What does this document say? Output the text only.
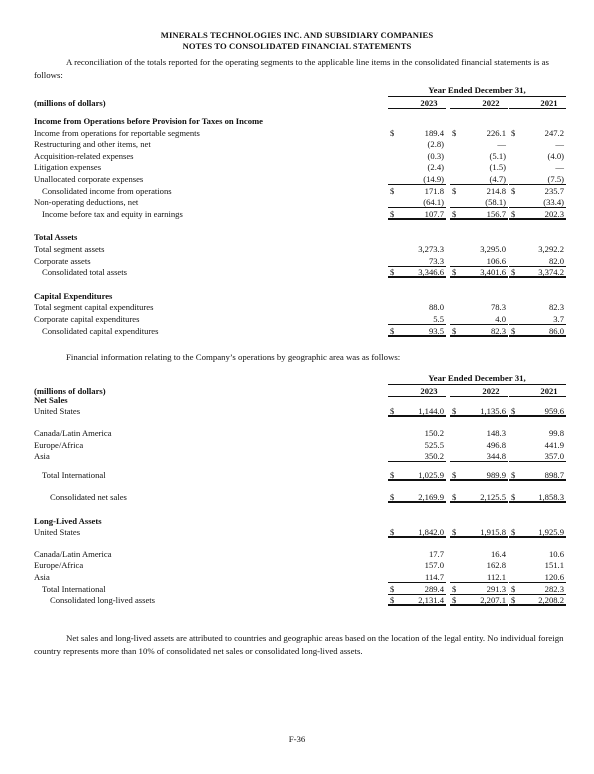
MINERALS TECHNOLOGIES INC. AND SUBSIDIARY COMPANIES
NOTES TO CONSOLIDATED FINANCIAL STATEMENTS
A reconciliation of the totals reported for the operating segments to the applicable line items in the consolidated financial statements is as follows:
Year Ended December 31,
(millions of dollars)	2023	2022	2021
Income from Operations before Provision for Taxes on Income
Income from operations for reportable segments	$	189.4 $	226.1 $	247.2
Restructuring and other items, net	(2.8)	—	—
Acquisition-related expenses	(0.3)	(5.1)	(4.0)
Litigation expenses	(2.4)	(1.5)	—
Unallocated corporate expenses	(14.9)	(4.7)	(7.5)
Consolidated income from operations	$	171.8 $	214.8 $	235.7
Non-operating deductions, net	(64.1)	(58.1)	(33.4)
Income before tax and equity in earnings	$	107.7 $	156.7 $	202.3
Total Assets
Total segment assets	3,273.3	3,295.0	3,292.2
Corporate assets	73.3	106.6	82.0
Consolidated total assets	$	3,346.6 $	3,401.6 $	3,374.2
Capital Expenditures
Total segment capital expenditures	88.0	78.3	82.3
Corporate capital expenditures	5.5	4.0	3.7
Consolidated capital expenditures	$	93.5 $	82.3 $	86.0
Financial information relating to the Company’s operations by geographic area was as follows:
Year Ended December 31,
(millions of dollars)	2023	2022	2021
Net Sales
United States	$	1,144.0 $	1,135.6 $	959.6
Canada/Latin America	150.2	148.3	99.8
Europe/Africa	525.5	496.8	441.9
Asia	350.2	344.8	357.0
Total International	$	1,025.9 $	989.9 $	898.7
Consolidated net sales	$	2,169.9 $	2,125.5 $	1,858.3
Long-Lived Assets
United States	$	1,842.0 $	1,915.8 $	1,925.9
Canada/Latin America	17.7	16.4	10.6
Europe/Africa	157.0	162.8	151.1
Asia	114.7	112.1	120.6
Total International	$	289.4 $	291.3 $	282.3
Consolidated long-lived assets	$	2,131.4 $	2,207.1 $	2,208.2
Net sales and long-lived assets are attributed to countries and geographic areas based on the location of the legal entity. No individual foreign country represents more than 10% of consolidated net sales or consolidated long-lived assets.
F-36
